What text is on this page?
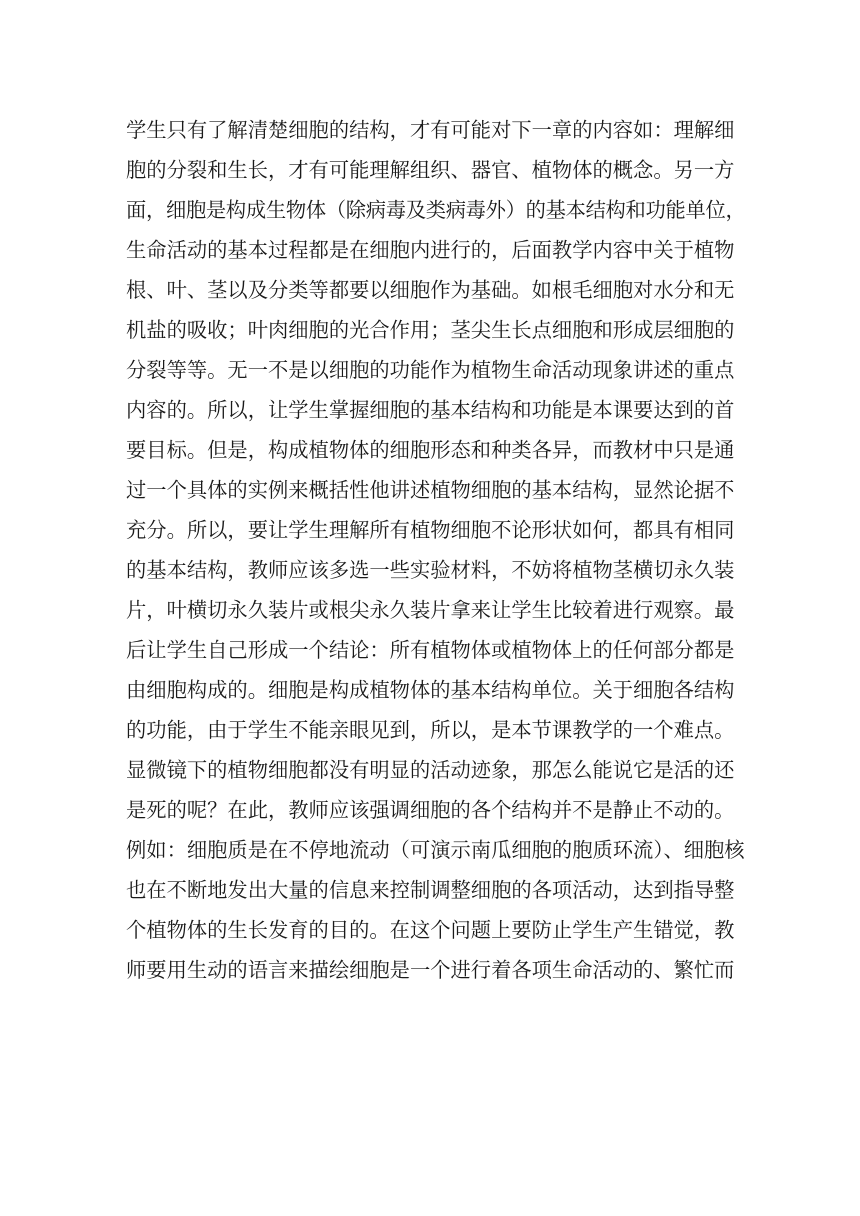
学生只有了解清楚细胞的结构，才有可能对下一章的内容如：理解细
胞的分裂和生长，才有可能理解组织、器官、植物体的概念。另一方
面，细胞是构成生物体（除病毒及类病毒外）的基本结构和功能单位，
生命活动的基本过程都是在细胞内进行的，后面教学内容中关于植物
根、叶、茎以及分类等都要以细胞作为基础。如根毛细胞对水分和无
机盐的吸收；叶肉细胞的光合作用；茎尖生长点细胞和形成层细胞的
分裂等等。无一不是以细胞的功能作为植物生命活动现象讲述的重点
内容的。所以，让学生掌握细胞的基本结构和功能是本课要达到的首
要目标。但是，构成植物体的细胞形态和种类各异，而教材中只是通
过一个具体的实例来概括性他讲述植物细胞的基本结构，显然论据不
充分。所以，要让学生理解所有植物细胞不论形状如何，都具有相同
的基本结构，教师应该多选一些实验材料，不妨将植物茎横切永久装
片，叶横切永久装片或根尖永久装片拿来让学生比较着进行观察。最
后让学生自己形成一个结论：所有植物体或植物体上的任何部分都是
由细胞构成的。细胞是构成植物体的基本结构单位。关于细胞各结构
的功能，由于学生不能亲眼见到，所以，是本节课教学的一个难点。
显微镜下的植物细胞都没有明显的活动迹象，那怎么能说它是活的还
是死的呢？在此，教师应该强调细胞的各个结构并不是静止不动的。
例如：细胞质是在不停地流动（可演示南瓜细胞的胞质环流）、细胞核
也在不断地发出大量的信息来控制调整细胞的各项活动，达到指导整
个植物体的生长发育的目的。在这个问题上要防止学生产生错觉，教
师要用生动的语言来描绘细胞是一个进行着各项生命活动的、繁忙而
